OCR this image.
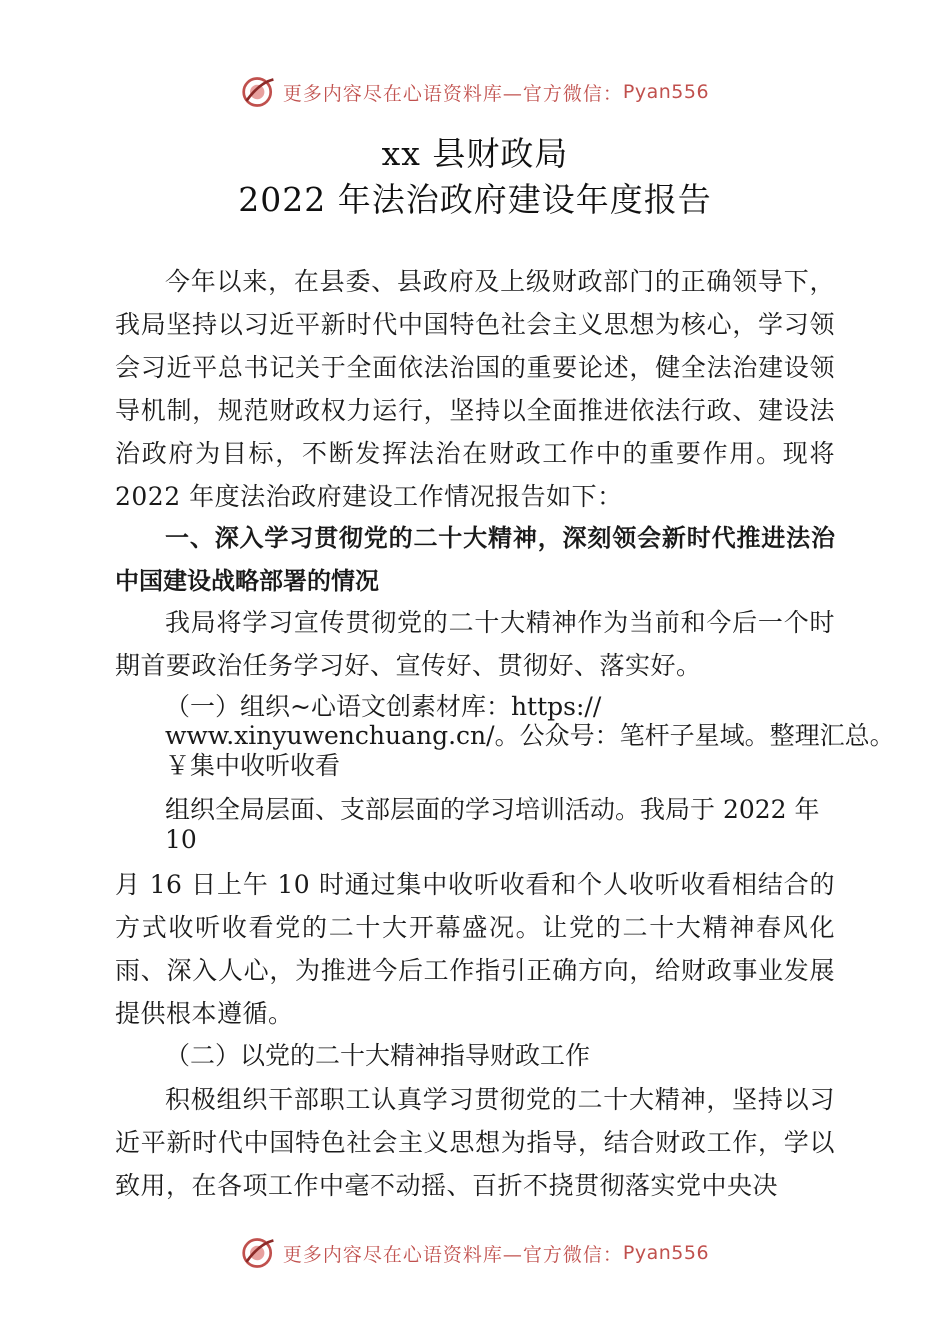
更多内容尽在心语资料库—官方微信： Pyan556
xx 县财政局
2022 年法治政府建设年度报告

今年以来，在县委、县政府及上级财政部门的正确领导下，我局坚持以习近平新时代中国特色社会主义思想为核心，学习领会习近平总书记关于全面依法治国的重要论述，健全法治建设领导机制，规范财政权力运行，坚持以全面推进依法行政、建设法治政府为目标，不断发挥法治在财政工作中的重要作用。现将 2022 年度法治政府建设工作情况报告如下：

一、深入学习贯彻党的二十大精神，深刻领会新时代推进法治中国建设战略部署的情况

我局将学习宣传贯彻党的二十大精神作为当前和今后一个时期首要政治任务学习好、宣传好、贯彻好、落实好。

（一）组织~心语文创素材库：https://

www.xinyuwenchuang.cn/。公众号：笔杆子星域。整理汇总。

￥集中收听收看

组织全局层面、支部层面的学习培训活动。我局于 2022 年

10

月 16 日上午 10 时通过集中收听收看和个人收听收看相结合的方式收听收看党的二十大开幕盛况。让党的二十大精神春风化雨、深入人心，为推进今后工作指引正确方向，给财政事业发展提供根本遵循。

（二）以党的二十大精神指导财政工作

积极组织干部职工认真学习贯彻党的二十大精神，坚持以习近平新时代中国特色社会主义思想为指导，结合财政工作，学以致用，在各项工作中毫不动摇、百折不挠贯彻落实党中央决

更多内容尽在心语资料库—官方微信： Pyan556
